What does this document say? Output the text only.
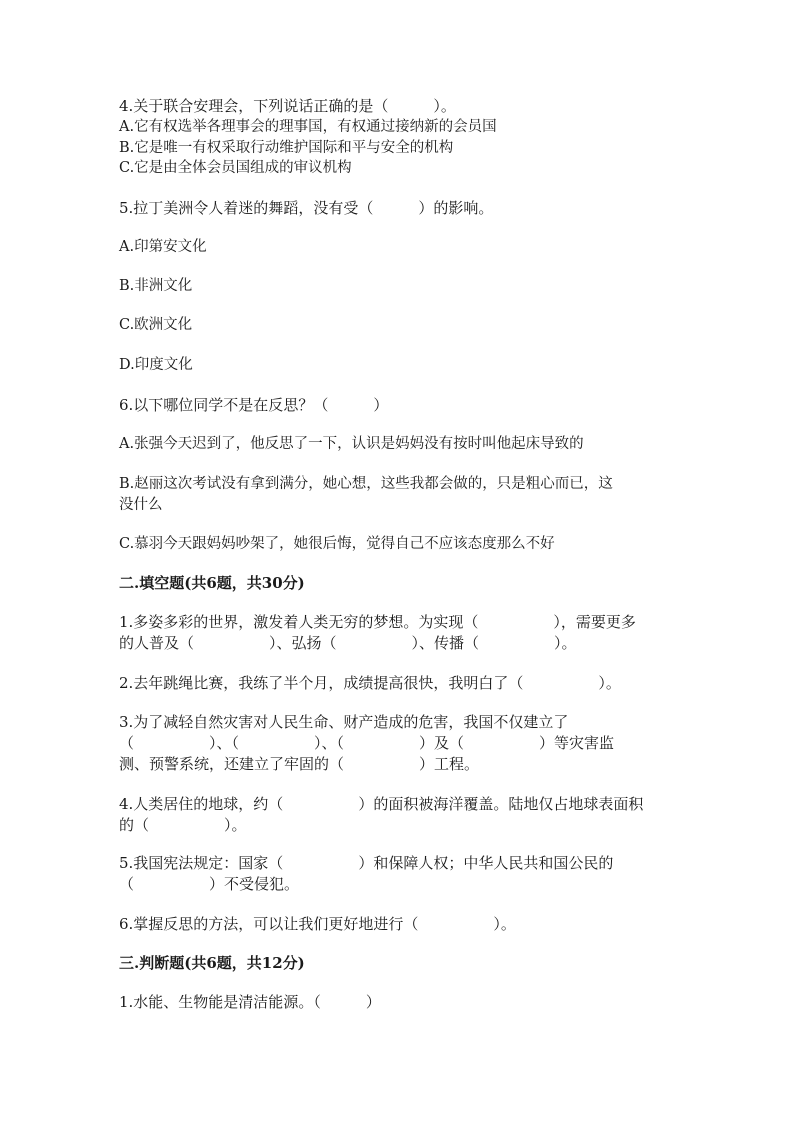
4.关于联合安理会，下列说话正确的是（　　　）。
A.它有权选举各理事会的理事国，有权通过接纳新的会员国
B.它是唯一有权采取行动维护国际和平与安全的机构
C.它是由全体会员国组成的审议机构
5.拉丁美洲令人着迷的舞蹈，没有受（　　　）的影响。
A.印第安文化
B.非洲文化
C.欧洲文化
D.印度文化
6.以下哪位同学不是在反思？（　　　）
A.张强今天迟到了，他反思了一下，认识是妈妈没有按时叫他起床导致的
B.赵丽这次考试没有拿到满分，她心想，这些我都会做的，只是粗心而已，这
没什么
C.慕羽今天跟妈妈吵架了，她很后悔，觉得自己不应该态度那么不好
二.填空题(共6题，共30分)
1.多姿多彩的世界，激发着人类无穷的梦想。为实现（　　　　　），需要更多
的人普及（　　　　　）、弘扬（　　　　　）、传播（　　　　　）。
2.去年跳绳比赛，我练了半个月，成绩提高很快，我明白了（　　　　　）。
3.为了减轻自然灾害对人民生命、财产造成的危害，我国不仅建立了
（　　　　　）、（　　　　　）、（　　　　　）及（　　　　　）等灾害监
测、预警系统，还建立了牢固的（　　　　　）工程。
4.人类居住的地球，约（　　　　　）的面积被海洋覆盖。陆地仅占地球表面积
的（　　　　　）。
5.我国宪法规定：国家（　　　　　）和保障人权；中华人民共和国公民的
（　　　　　）不受侵犯。
6.掌握反思的方法，可以让我们更好地进行（　　　　　）。
三.判断题(共6题，共12分)
1.水能、生物能是清洁能源。（　　　）
